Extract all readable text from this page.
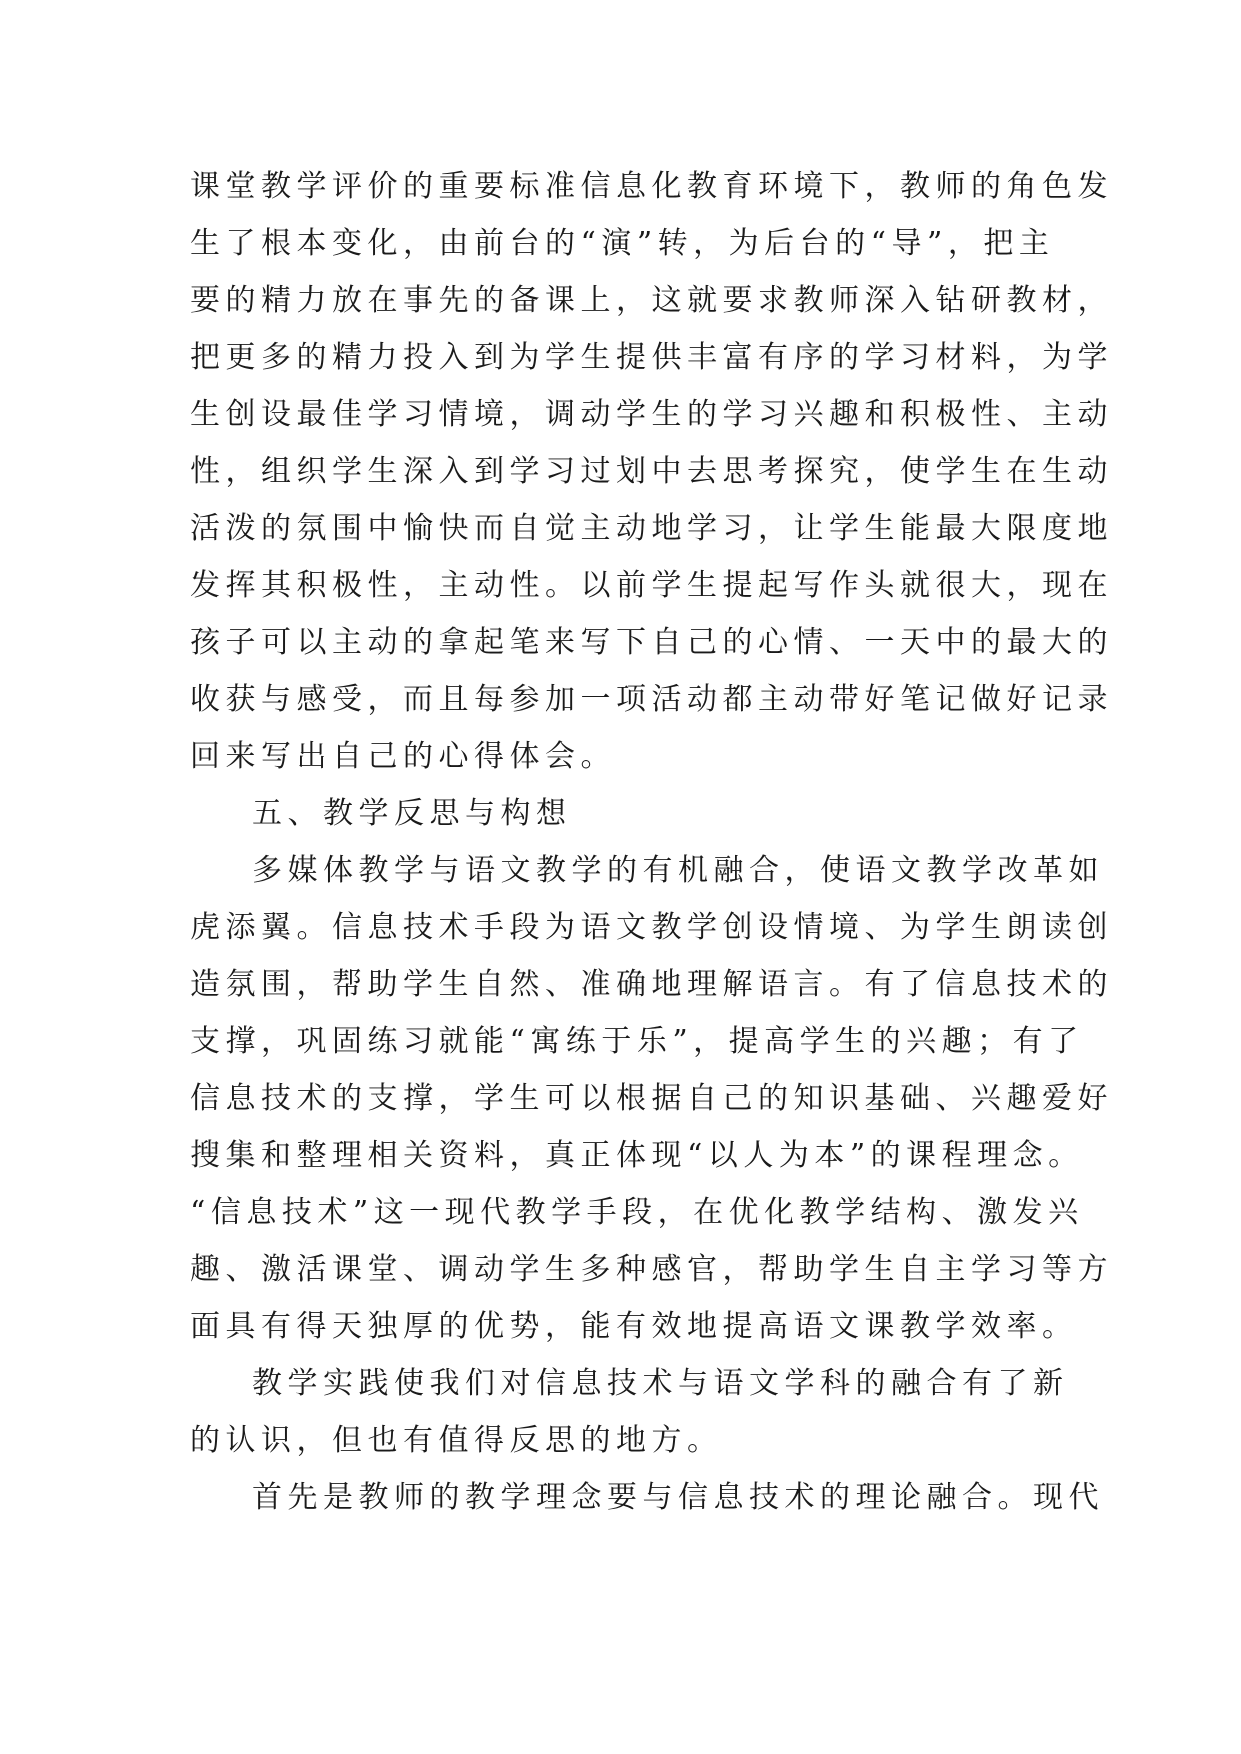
课堂教学评价的重要标准信息化教育环境下，教师的角色发
生了根本变化，由前台的“演”转，为后台的“导”，把主
要的精力放在事先的备课上，这就要求教师深入钻研教材，
把更多的精力投入到为学生提供丰富有序的学习材料，为学
生创设最佳学习情境，调动学生的学习兴趣和积极性、主动
性，组织学生深入到学习过划中去思考探究，使学生在生动
活泼的氛围中愉快而自觉主动地学习，让学生能最大限度地
发挥其积极性，主动性。以前学生提起写作头就很大，现在
孩子可以主动的拿起笔来写下自己的心情、一天中的最大的
收获与感受，而且每参加一项活动都主动带好笔记做好记录
回来写出自己的心得体会。
五、教学反思与构想
多媒体教学与语文教学的有机融合，使语文教学改革如
虎添翼。信息技术手段为语文教学创设情境、为学生朗读创
造氛围，帮助学生自然、准确地理解语言。有了信息技术的
支撑，巩固练习就能“寓练于乐”，提高学生的兴趣；有了
信息技术的支撑，学生可以根据自己的知识基础、兴趣爱好
搜集和整理相关资料，真正体现“以人为本”的课程理念。
“信息技术”这一现代教学手段，在优化教学结构、激发兴
趣、激活课堂、调动学生多种感官，帮助学生自主学习等方
面具有得天独厚的优势，能有效地提高语文课教学效率。
教学实践使我们对信息技术与语文学科的融合有了新
的认识，但也有值得反思的地方。
首先是教师的教学理念要与信息技术的理论融合。现代
